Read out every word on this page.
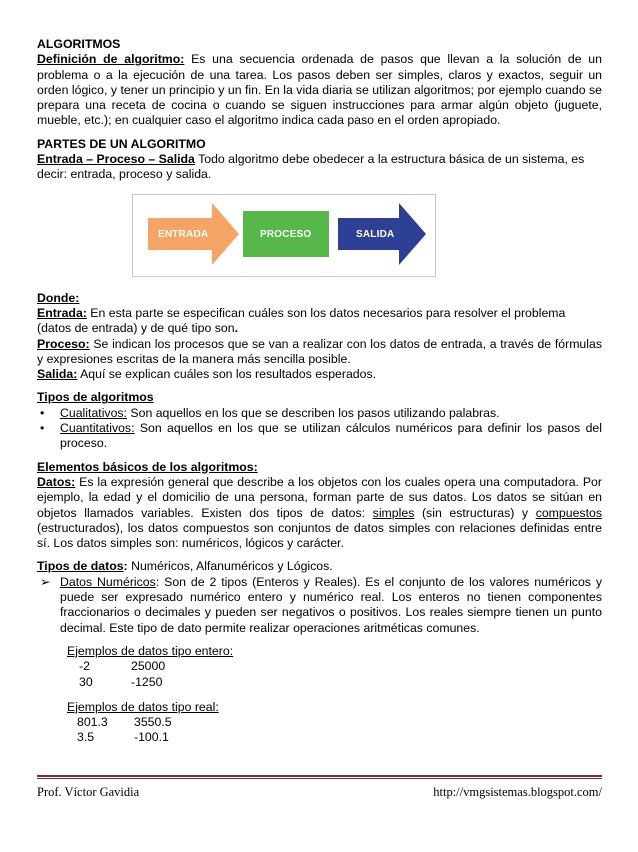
ALGORITMOS

Definición de algoritmo: Es una secuencia ordenada de pasos que llevan a la solución de un problema o a la ejecución de una tarea. Los pasos deben ser simples, claros y exactos, seguir un orden lógico, y tener un principio y un fin. En la vida diaria se utilizan algoritmos; por ejemplo cuando se prepara una receta de cocina o cuando se siguen instrucciones para armar algún objeto (juguete, mueble, etc.); en cualquier caso el algoritmo indica cada paso en el orden apropiado.

PARTES DE UN ALGORITMO

Entrada – Proceso – Salida Todo algoritmo debe obedecer a la estructura básica de un sistema, es decir: entrada, proceso y salida.

ENTRADA	PROCESO	SALIDA

Donde:

Entrada: En esta parte se especifican cuáles son los datos necesarios para resolver el problema (datos de entrada) y de qué tipo son.

Proceso: Se indican los procesos que se van a realizar con los datos de entrada, a través de fórmulas y expresiones escritas de la manera más sencilla posible.

Salida: Aquí se explican cuáles son los resultados esperados.

Tipos de algoritmos

• Cualitativos: Son aquellos en los que se describen los pasos utilizando palabras.
• Cuantitativos: Son aquellos en los que se utilizan cálculos numéricos para definir los pasos del proceso.

Elementos básicos de los algoritmos:

Datos: Es la expresión general que describe a los objetos con los cuales opera una computadora. Por ejemplo, la edad y el domicilio de una persona, forman parte de sus datos. Los datos se sitúan en objetos llamados variables. Existen dos tipos de datos: simples (sin estructuras) y compuestos (estructurados), los datos compuestos son conjuntos de datos simples con relaciones definidas entre sí. Los datos simples son: numéricos, lógicos y carácter.

Tipos de datos: Numéricos, Alfanuméricos y Lógicos.

➢ Datos Numéricos: Son de 2 tipos (Enteros y Reales). Es el conjunto de los valores numéricos y puede ser expresado numérico entero y numérico real. Los enteros no tienen componentes fraccionarios o decimales y pueden ser negativos o positivos. Los reales siempre tienen un punto decimal. Este tipo de dato permite realizar operaciones aritméticas comunes.

Ejemplos de datos tipo entero:

-2	25000
30	-1250

Ejemplos de datos tipo real:

801.3	3550.5
3.5	-100.1
Prof. Víctor Gavidia	http://vmgsistemas.blogspot.com/
